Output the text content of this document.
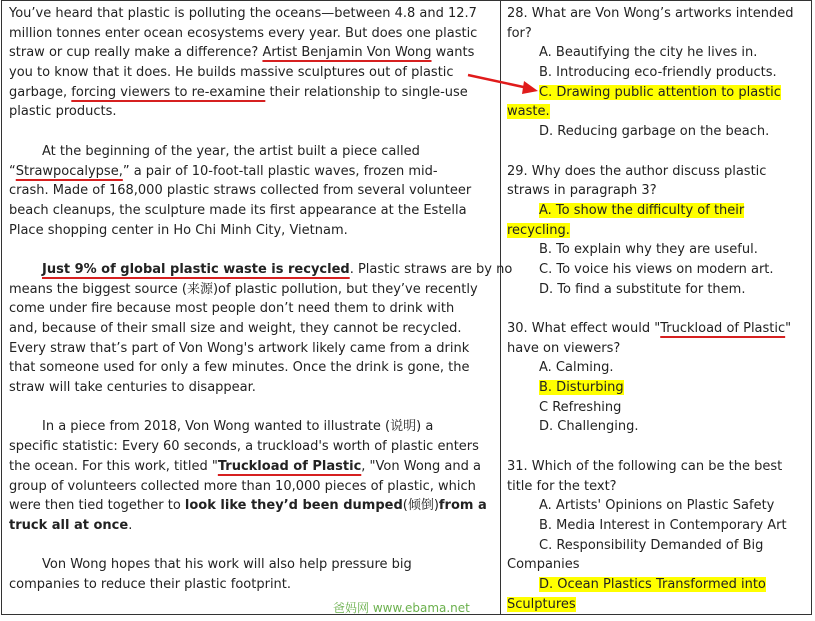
You’ve heard that plastic is polluting the oceans—between 4.8 and 12.7
million tonnes enter ocean ecosystems every year. But does one plastic
straw or cup really make a difference? Artist Benjamin Von Wong wants
you to know that it does. He builds massive sculptures out of plastic
garbage, forcing viewers to re-examine their relationship to single-use
plastic products.
At the beginning of the year, the artist built a piece called
“Strawpocalypse,” a pair of 10-foot-tall plastic waves, frozen mid-
crash. Made of 168,000 plastic straws collected from several volunteer
beach cleanups, the sculpture made its first appearance at the Estella
Place shopping center in Ho Chi Minh City, Vietnam.
Just 9% of global plastic waste is recycled. Plastic straws are by no
means the biggest source (来源)of plastic pollution, but they’ve recently
come under fire because most people don’t need them to drink with
and, because of their small size and weight, they cannot be recycled.
Every straw that’s part of Von Wong's artwork likely came from a drink
that someone used for only a few minutes. Once the drink is gone, the
straw will take centuries to disappear.
In a piece from 2018, Von Wong wanted to illustrate (说明) a
specific statistic: Every 60 seconds, a truckload's worth of plastic enters
the ocean. For this work, titled "Truckload of Plastic, "Von Wong and a
group of volunteers collected more than 10,000 pieces of plastic, which
were then tied together to look like they’d been dumped(倾倒)from a
truck all at once.
Von Wong hopes that his work will also help pressure big
companies to reduce their plastic footprint.
28. What are Von Wong’s artworks intended
for?
A. Beautifying the city he lives in.
B. Introducing eco-friendly products.
C. Drawing public attention to plastic
waste.
D. Reducing garbage on the beach.
29. Why does the author discuss plastic
straws in paragraph 3?
A. To show the difficulty of their
recycling.
B. To explain why they are useful.
C. To voice his views on modern art.
D. To find a substitute for them.
30. What effect would "Truckload of Plastic"
have on viewers?
A. Calming.
B. Disturbing
C Refreshing
D. Challenging.
31. Which of the following can be the best
title for the text?
A. Artists' Opinions on Plastic Safety
B. Media Interest in Contemporary Art
C. Responsibility Demanded of Big
Companies
D. Ocean Plastics Transformed into
Sculptures
爸妈网 www.ebama.net
